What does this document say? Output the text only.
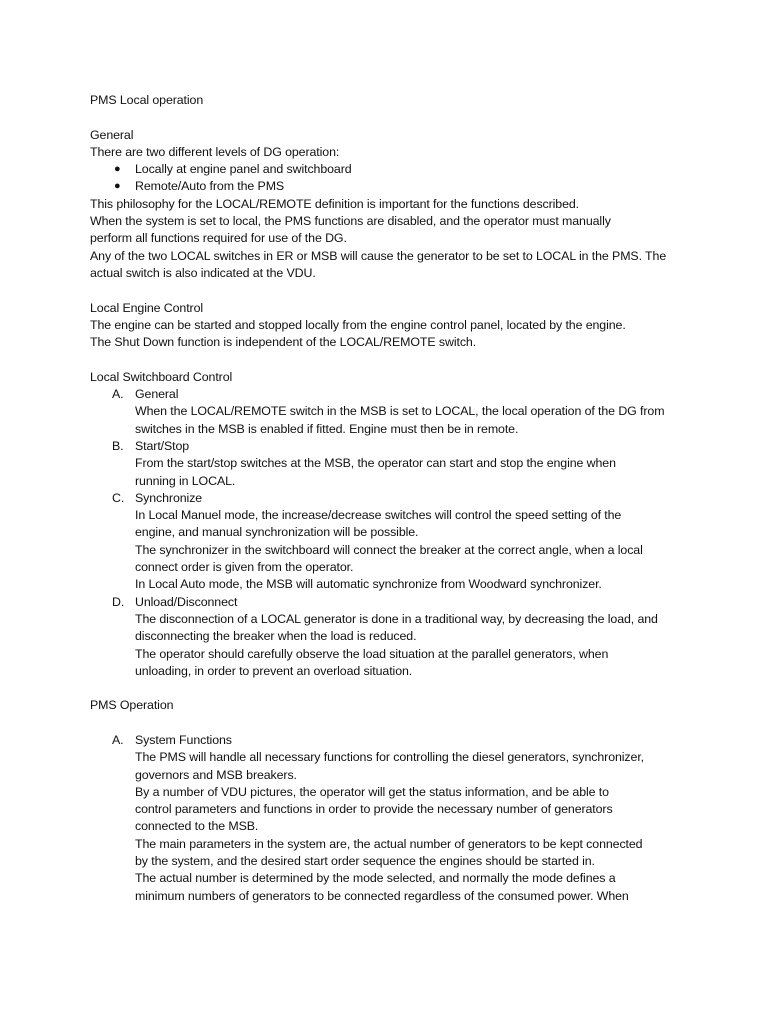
PMS Local operation
General
There are two different levels of DG operation:
● Locally at engine panel and switchboard
● Remote/Auto from the PMS
This philosophy for the LOCAL/REMOTE definition is important for the functions described.
When the system is set to local, the PMS functions are disabled, and the operator must manually
perform all functions required for use of the DG.
Any of the two LOCAL switches in ER or MSB will cause the generator to be set to LOCAL in the PMS. The
actual switch is also indicated at the VDU.
Local Engine Control
The engine can be started and stopped locally from the engine control panel, located by the engine.
The Shut Down function is independent of the LOCAL/REMOTE switch.
Local Switchboard Control
A. General
When the LOCAL/REMOTE switch in the MSB is set to LOCAL, the local operation of the DG from
switches in the MSB is enabled if fitted. Engine must then be in remote.
B. Start/Stop
From the start/stop switches at the MSB, the operator can start and stop the engine when
running in LOCAL.
C. Synchronize
In Local Manuel mode, the increase/decrease switches will control the speed setting of the
engine, and manual synchronization will be possible.
The synchronizer in the switchboard will connect the breaker at the correct angle, when a local
connect order is given from the operator.
In Local Auto mode, the MSB will automatic synchronize from Woodward synchronizer.
D. Unload/Disconnect
The disconnection of a LOCAL generator is done in a traditional way, by decreasing the load, and
disconnecting the breaker when the load is reduced.
The operator should carefully observe the load situation at the parallel generators, when
unloading, in order to prevent an overload situation.
PMS Operation
A. System Functions
The PMS will handle all necessary functions for controlling the diesel generators, synchronizer,
governors and MSB breakers.
By a number of VDU pictures, the operator will get the status information, and be able to
control parameters and functions in order to provide the necessary number of generators
connected to the MSB.
The main parameters in the system are, the actual number of generators to be kept connected
by the system, and the desired start order sequence the engines should be started in.
The actual number is determined by the mode selected, and normally the mode defines a
minimum numbers of generators to be connected regardless of the consumed power. When
